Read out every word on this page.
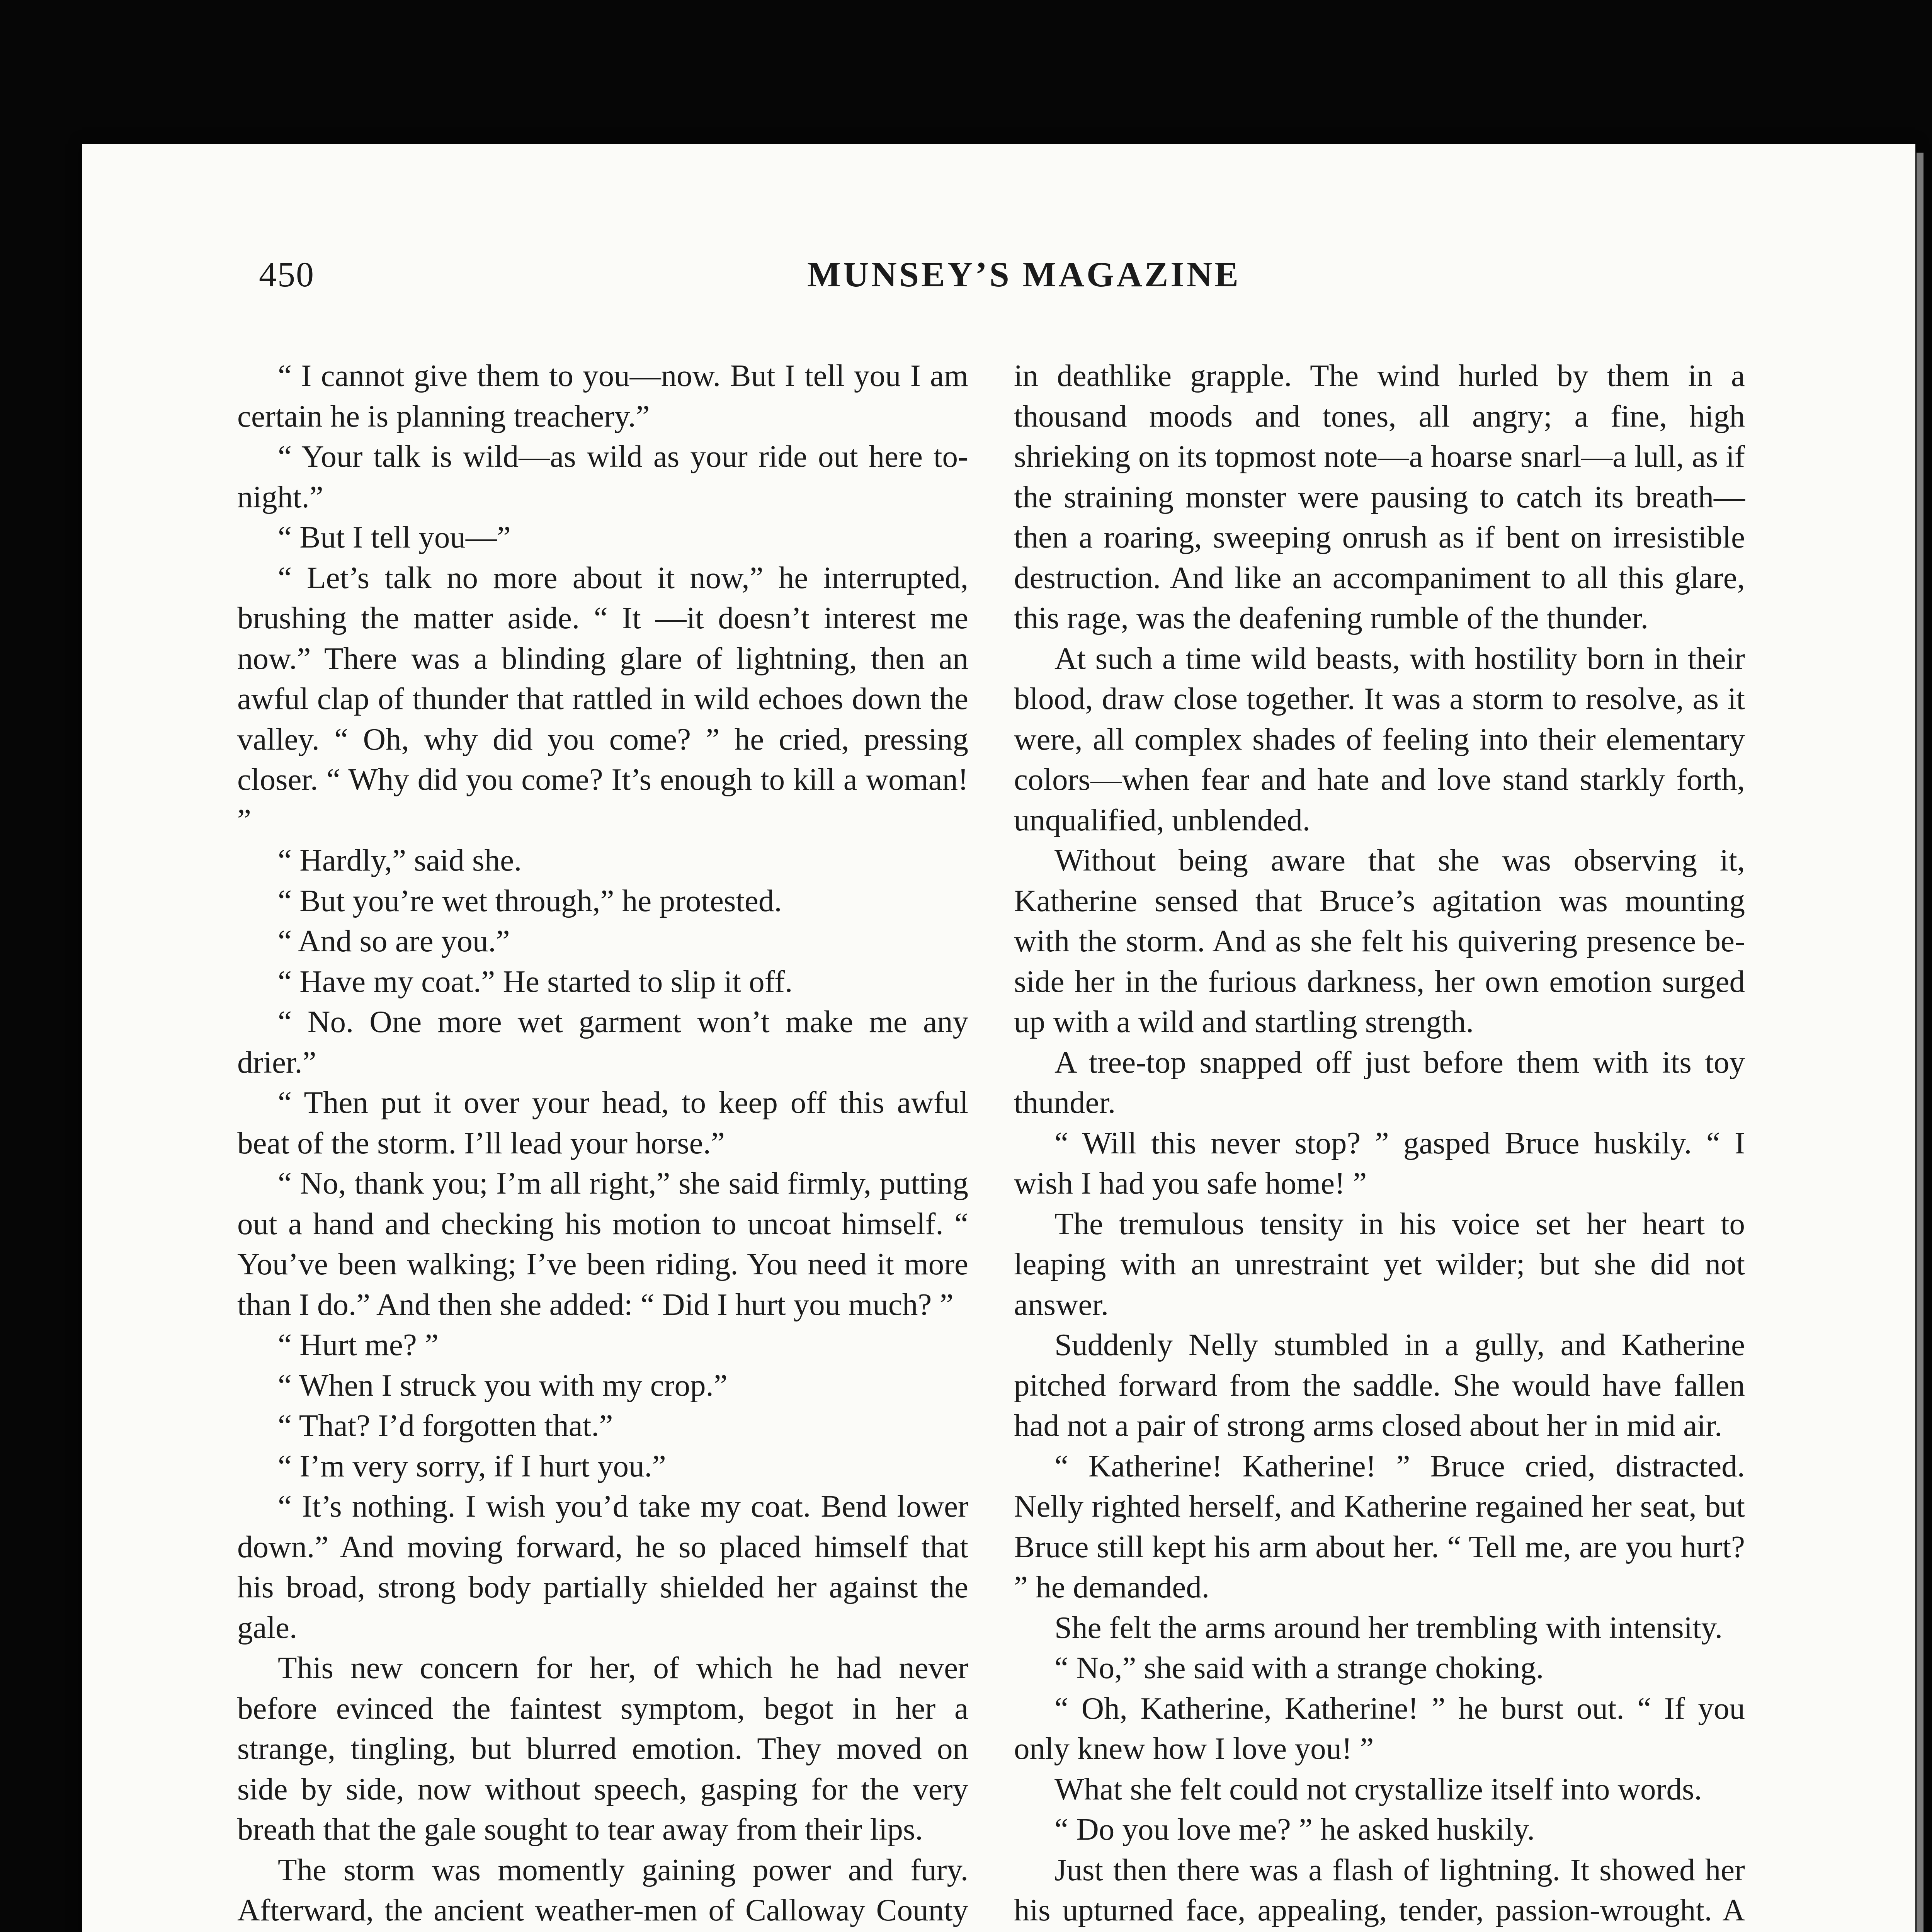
450	MUNSEY’S MAGAZINE

“ I cannot give them to you—now. But I tell you I am certain he is planning treachery.”

“ Your talk is wild—as wild as your ride out here to-night.”

“ But I tell you—”

“ Let’s talk no more about it now,” he interrupted, brushing the matter aside. “ It —it doesn’t interest me now.” There was a blinding glare of lightning, then an awful clap of thunder that rattled in wild echoes down the valley. “ Oh, why did you come? ” he cried, pressing closer. “ Why did you come? It’s enough to kill a woman! ”

“ Hardly,” said she.

“ But you’re wet through,” he protested.

“ And so are you.”

“ Have my coat.” He started to slip it off.

“ No. One more wet garment won’t make me any drier.”

“ Then put it over your head, to keep off this awful beat of the storm. I’ll lead your horse.”

“ No, thank you; I’m all right,” she said firmly, putting out a hand and checking his motion to uncoat himself. “ You’ve been walking; I’ve been riding. You need it more than I do.” And then she added: “ Did I hurt you much? ”

“ Hurt me? ”

“ When I struck you with my crop.”

“ That? I’d forgotten that.”

“ I’m very sorry, if I hurt you.”

“ It’s nothing. I wish you’d take my coat. Bend lower down.” And moving forward, he so placed himself that his broad, strong body partially shielded her against the gale.

This new concern for her, of which he had never before evinced the faintest symptom, begot in her a strange, tingling, but blurred emotion. They moved on side by side, now without speech, gasping for the very breath that the gale sought to tear away from their lips.

The storm was momently gaining power and fury. Afterward, the ancient weather-men of Calloway County

in deathlike grapple. The wind hurled by them in a thousand moods and tones, all angry; a fine, high shrieking on its topmost note—a hoarse snarl—a lull, as if the straining monster were pausing to catch its breath—then a roaring, sweeping onrush as if bent on irresistible destruction. And like an accompaniment to all this glare, this rage, was the deafening rumble of the thunder.

At such a time wild beasts, with hostility born in their blood, draw close together. It was a storm to resolve, as it were, all complex shades of feeling into their elementary colors—when fear and hate and love stand starkly forth, unqualified, unblended.

Without being aware that she was observing it, Katherine sensed that Bruce’s agitation was mounting with the storm. And as she felt his quivering presence beside her in the furious darkness, her own emotion surged up with a wild and startling strength.

A tree-top snapped off just before them with its toy thunder.

“ Will this never stop? ” gasped Bruce huskily. “ I wish I had you safe home! ”

The tremulous tensity in his voice set her heart to leaping with an unrestraint yet wilder; but she did not answer.

Suddenly Nelly stumbled in a gully, and Katherine pitched forward from the saddle. She would have fallen had not a pair of strong arms closed about her in mid air.

“ Katherine! Katherine! ” Bruce cried, distracted. Nelly righted herself, and Katherine regained her seat, but Bruce still kept his arm about her. “ Tell me, are you hurt? ” he demanded.

She felt the arms around her trembling with intensity.

“ No,” she said with a strange choking.

“ Oh, Katherine, Katherine! ” he burst out. “ If you only knew how I love you! ”

What she felt could not crystallize itself into words.

“ Do you love me? ” he asked huskily.

Just then there was a flash of lightning. It showed her his upturned face, appealing, tender, passion-wrought. A
